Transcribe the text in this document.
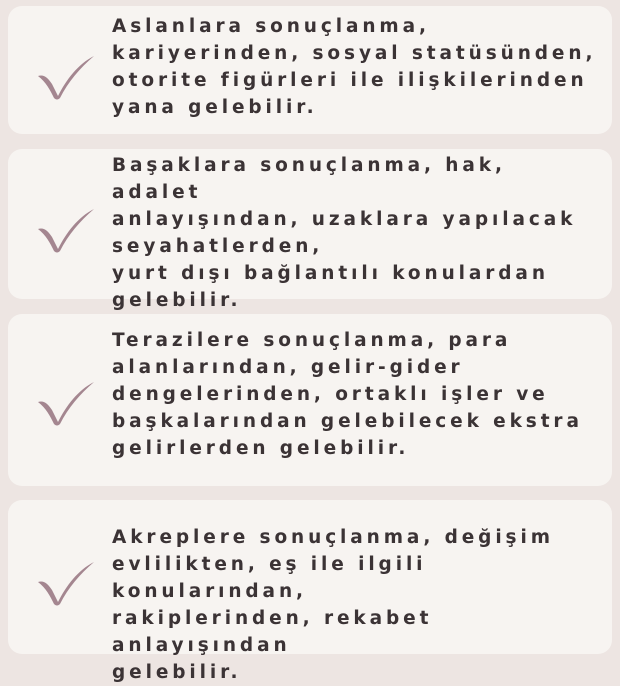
Aslanlara sonuçlanma,
kariyerinden, sosyal statüsünden,
otorite figürleri ile ilişkilerinden
yana gelebilir.
Başaklara sonuçlanma, hak, adalet
anlayışından, uzaklara yapılacak
seyahatlerden,
yurt dışı bağlantılı konulardan
gelebilir.
Terazilere sonuçlanma, para
alanlarından, gelir-gider
dengelerinden, ortaklı işler ve
başkalarından gelebilecek ekstra
gelirlerden gelebilir.
Akreplere sonuçlanma, değişim
evlilikten, eş ile ilgili konularından,
rakiplerinden, rekabet anlayışından
gelebilir.
